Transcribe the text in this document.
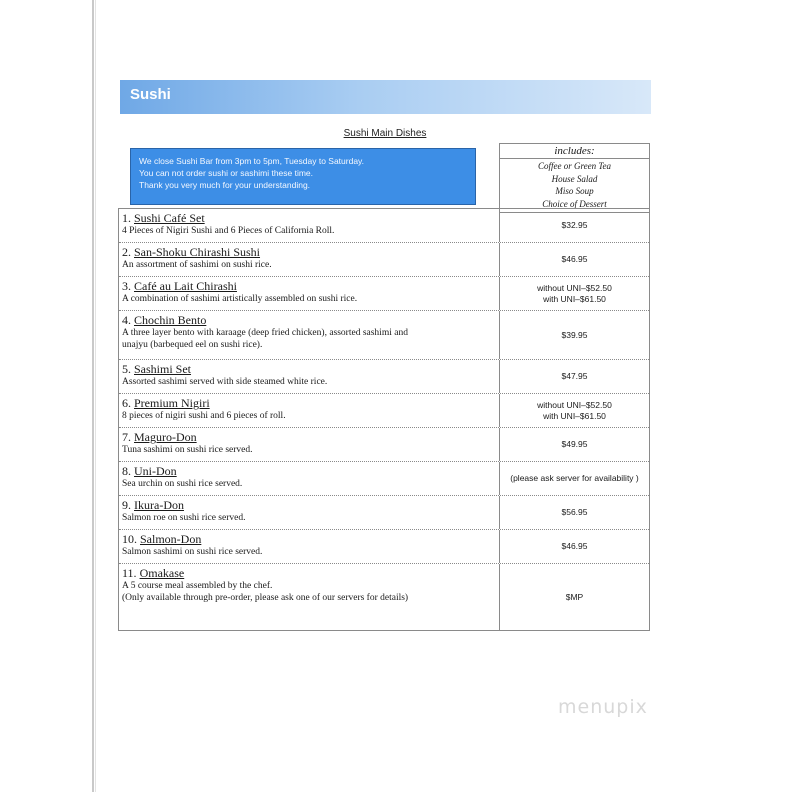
Sushi
Sushi Main Dishes
We close Sushi Bar from 3pm to 5pm, Tuesday to Saturday.
You can not order sushi or sashimi these time.
Thank you very much for your understanding.
includes:
Coffee or Green Tea
House Salad
Miso Soup
Choice of Dessert
1. Sushi Café Set
4 Pieces of Nigiri Sushi and 6 Pieces of California Roll.
$32.95
2. San-Shoku Chirashi Sushi
An assortment of sashimi on sushi rice.
$46.95
3. Café au Lait Chirashi
A combination of sashimi artistically assembled on sushi rice.
without UNI–$52.50
with UNI–$61.50
4. Chochin Bento
A three layer bento with karaage (deep fried chicken), assorted sashimi and
unajyu (barbequed eel on sushi rice).
$39.95
5. Sashimi Set
Assorted sashimi served with side steamed white rice.
$47.95
6. Premium Nigiri
8 pieces of nigiri sushi and 6 pieces of roll.
without UNI–$52.50
with UNI–$61.50
7. Maguro-Don
Tuna sashimi on sushi rice served.
$49.95
8. Uni-Don
Sea urchin on sushi rice served.
(please ask server for availability )
9. Ikura-Don
Salmon roe on sushi rice served.
$56.95
10. Salmon-Don
Salmon sashimi on sushi rice served.
$46.95
11. Omakase
A 5 course meal assembled by the chef.
(Only available through pre-order, please ask one of our servers for details)	$MP
menupix
